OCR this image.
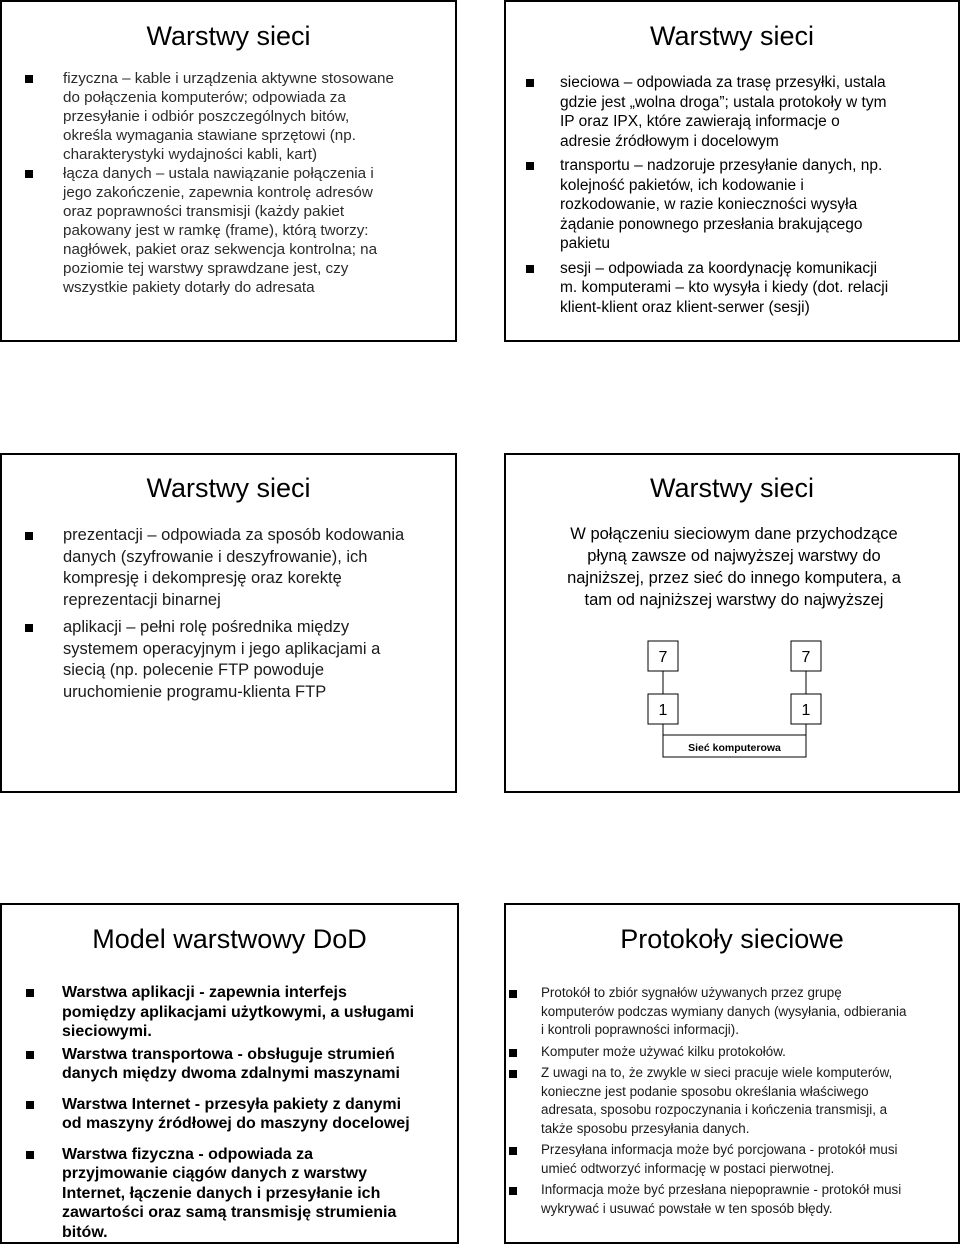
Warstwy sieci
fizyczna – kable i urządzenia aktywne stosowane
do połączenia komputerów; odpowiada za
przesyłanie i odbiór poszczególnych bitów,
określa wymagania stawiane sprzętowi (np.
charakterystyki wydajności kabli, kart)
łącza danych – ustala nawiązanie połączenia i
jego zakończenie, zapewnia kontrolę adresów
oraz poprawności transmisji (każdy pakiet
pakowany jest w ramkę (frame), którą tworzy:
nagłówek, pakiet oraz sekwencja kontrolna; na
poziomie tej warstwy sprawdzane jest, czy
wszystkie pakiety dotarły do adresata
Warstwy sieci
sieciowa – odpowiada za trasę przesyłki, ustala
gdzie jest „wolna droga”; ustala protokoły w tym
IP oraz IPX, które zawierają informacje o
adresie źródłowym i docelowym
transportu – nadzoruje przesyłanie danych, np.
kolejność pakietów, ich kodowanie i
rozkodowanie, w razie konieczności wysyła
żądanie ponownego przesłania brakującego
pakietu
sesji – odpowiada za koordynację komunikacji
m. komputerami – kto wysyła i kiedy (dot. relacji
klient-klient oraz klient-serwer (sesji)
Warstwy sieci
prezentacji – odpowiada za sposób kodowania
danych (szyfrowanie i deszyfrowanie), ich
kompresję i dekompresję oraz korektę
reprezentacji binarnej
aplikacji – pełni rolę pośrednika między
systemem operacyjnym i jego aplikacjami a
siecią (np. polecenie FTP powoduje
uruchomienie programu-klienta FTP
Warstwy sieci
W połączeniu sieciowym dane przychodzące
płyną zawsze od najwyższej warstwy do
najniższej, przez sieć do innego komputera, a
tam od najniższej warstwy do najwyższej
7	7
1	1
Sieć komputerowa
Model warstwowy DoD
Warstwa aplikacji - zapewnia interfejs
pomiędzy aplikacjami użytkowymi, a usługami
sieciowymi.
Warstwa transportowa - obsługuje strumień
danych między dwoma zdalnymi maszynami
Warstwa Internet - przesyła pakiety z danymi
od maszyny źródłowej do maszyny docelowej
Warstwa fizyczna - odpowiada za
przyjmowanie ciągów danych z warstwy
Internet, łączenie danych i przesyłanie ich
zawartości oraz samą transmisję strumienia
bitów.
Protokoły sieciowe
Protokół to zbiór sygnałów używanych przez grupę
komputerów podczas wymiany danych (wysyłania, odbierania
i kontroli poprawności informacji).
Komputer może używać kilku protokołów.
Z uwagi na to, że zwykle w sieci pracuje wiele komputerów,
konieczne jest podanie sposobu określania właściwego
adresata, sposobu rozpoczynania i kończenia transmisji, a
także sposobu przesyłania danych.
Przesyłana informacja może być porcjowana - protokół musi
umieć odtworzyć informację w postaci pierwotnej.
Informacja może być przesłana niepoprawnie - protokół musi
wykrywać i usuwać powstałe w ten sposób błędy.
